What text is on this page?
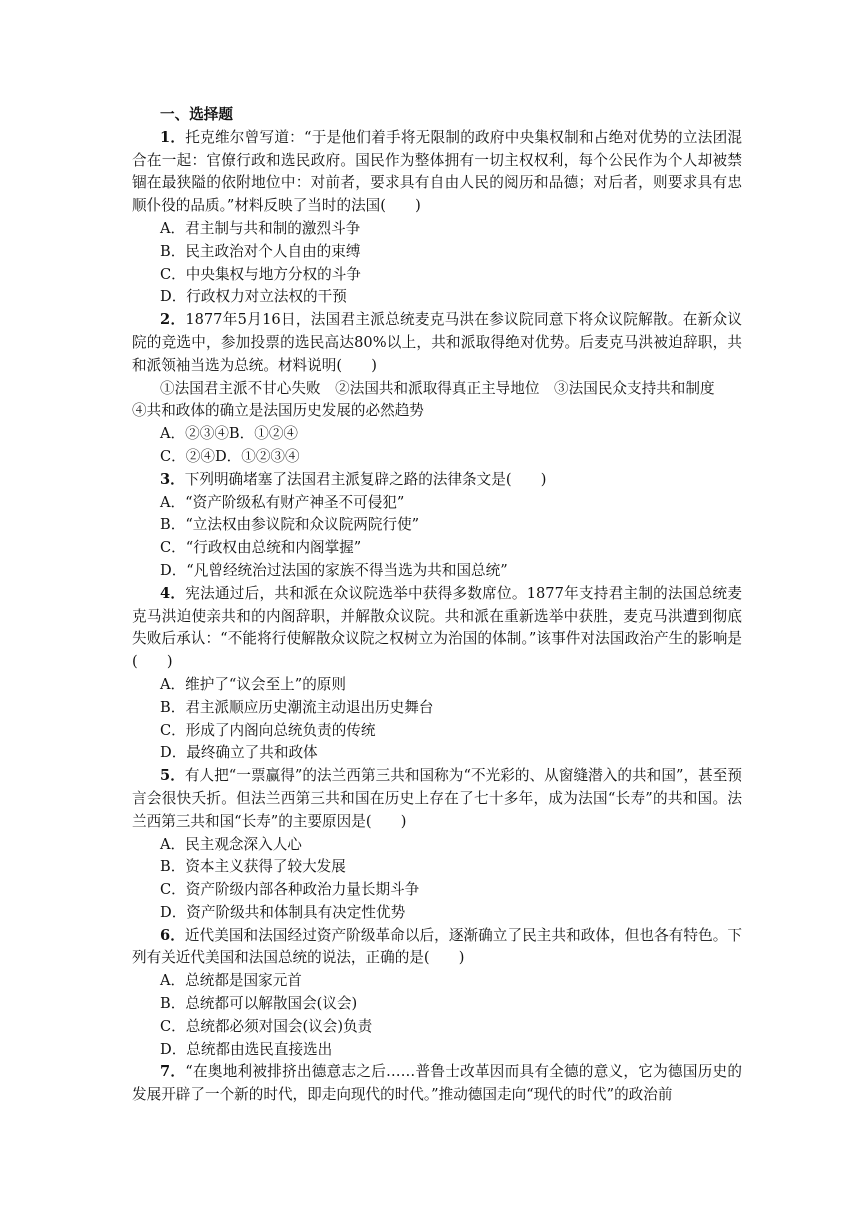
一、选择题
1．托克维尔曾写道：“于是他们着手将无限制的政府中央集权制和占绝对优势的立法团混合在一起：官僚行政和选民政府。国民作为整体拥有一切主权权利，每个公民作为个人却被禁锢在最狭隘的依附地位中：对前者，要求具有自由人民的阅历和品德；对后者，则要求具有忠顺仆役的品质。”材料反映了当时的法国(　　)
A．君主制与共和制的激烈斗争
B．民主政治对个人自由的束缚
C．中央集权与地方分权的斗争
D．行政权力对立法权的干预
2．1877年5月16日，法国君主派总统麦克马洪在参议院同意下将众议院解散。在新众议院的竞选中，参加投票的选民高达80%以上，共和派取得绝对优势。后麦克马洪被迫辞职，共和派领袖当选为总统。材料说明(　　)
①法国君主派不甘心失败　②法国共和派取得真正主导地位　③法国民众支持共和制度　④共和政体的确立是法国历史发展的必然趋势
A．②③④B．①②④
C．②④D．①②③④
3．下列明确堵塞了法国君主派复辟之路的法律条文是(　　)
A．“资产阶级私有财产神圣不可侵犯”
B．“立法权由参议院和众议院两院行使”
C．“行政权由总统和内阁掌握”
D．“凡曾经统治过法国的家族不得当选为共和国总统”
4．宪法通过后，共和派在众议院选举中获得多数席位。1877年支持君主制的法国总统麦克马洪迫使亲共和的内阁辞职，并解散众议院。共和派在重新选举中获胜，麦克马洪遭到彻底失败后承认：“不能将行使解散众议院之权树立为治国的体制。”该事件对法国政治产生的影响是(　　)
A．维护了“议会至上”的原则
B．君主派顺应历史潮流主动退出历史舞台
C．形成了内阁向总统负责的传统
D．最终确立了共和政体
5．有人把“一票赢得”的法兰西第三共和国称为“不光彩的、从窗缝潜入的共和国”，甚至预言会很快夭折。但法兰西第三共和国在历史上存在了七十多年，成为法国“长寿”的共和国。法兰西第三共和国“长寿”的主要原因是(　　)
A．民主观念深入人心
B．资本主义获得了较大发展
C．资产阶级内部各种政治力量长期斗争
D．资产阶级共和体制具有决定性优势
6．近代美国和法国经过资产阶级革命以后，逐渐确立了民主共和政体，但也各有特色。下列有关近代美国和法国总统的说法，正确的是(　　)
A．总统都是国家元首
B．总统都可以解散国会(议会)
C．总统都必须对国会(议会)负责
D．总统都由选民直接选出
7．“在奥地利被排挤出德意志之后……普鲁士改革因而具有全德的意义，它为德国历史的发展开辟了一个新的时代，即走向现代的时代。”推动德国走向“现代的时代”的政治前
